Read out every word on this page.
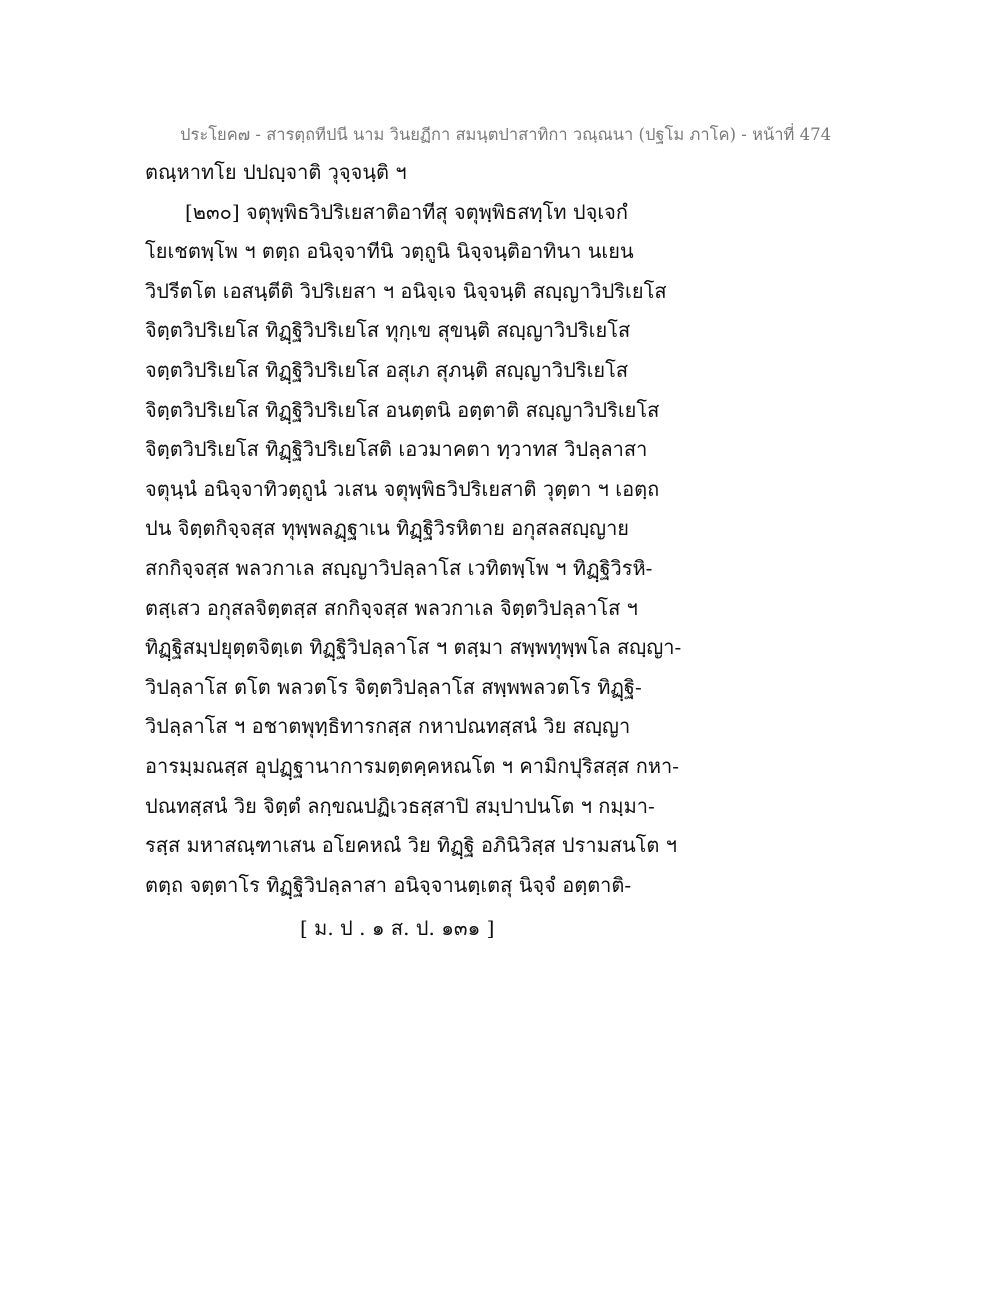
ประโยค๗ - สารตฺถทีปนี นาม วินยฏีกา สมนฺตปาสาทิกา วณฺณนา (ปฐโม ภาโค) - หน้าที่ 474
ตณฺหาทโย ปปญฺจาติ วุจฺจนฺติ ฯ
[๒๓๐] จตุพฺพิธวิปริเยสาติอาทีสุ จตุพฺพิธสทฺโท ปจฺเจกํ
โยเชตพฺโพ ฯ ตตฺถ อนิจฺจาทีนิ วตฺถูนิ นิจฺจนฺติอาทินา นเยน
วิปรีตโต เอสนฺตีติ วิปริเยสา ฯ อนิจฺเจ นิจฺจนฺติ สญฺญาวิปริเยโส
จิตฺตวิปริเยโส ทิฏฺฐิวิปริเยโส ทุกฺเข สุขนฺติ สญฺญาวิปริเยโส
จตฺตวิปริเยโส ทิฏฺฐิวิปริเยโส อสุเภ สุภนฺติ สญฺญาวิปริเยโส
จิตฺตวิปริเยโส ทิฏฺฐิวิปริเยโส อนตฺตนิ อตฺตาติ สญฺญาวิปริเยโส
จิตฺตวิปริเยโส ทิฏฺฐิวิปริเยโสติ เอวมาคตา ทฺวาทส วิปลฺลาสา
จตุนฺนํ อนิจฺจาทิวตฺถูนํ วเสน จตุพฺพิธวิปริเยสาติ วุตฺตา ฯ เอตฺถ
ปน จิตฺตกิจฺจสฺส ทุพฺพลฏฺฐาเน ทิฏฺฐิวิรหิตาย อกุสลสญฺญาย
สกกิจฺจสฺส พลวกาเล สญฺญาวิปลฺลาโส เวทิตพฺโพ ฯ ทิฏฺฐิวิรหิ-
ตสฺเสว อกุสลจิตฺตสฺส สกกิจฺจสฺส พลวกาเล จิตฺตวิปลฺลาโส ฯ
ทิฏฺฐิสมฺปยุตฺตจิตฺเต ทิฏฺฐิวิปลฺลาโส ฯ ตสฺมา สพฺพทุพฺพโล สญฺญา-
วิปลฺลาโส ตโต พลวตโร จิตฺตวิปลฺลาโส สพฺพพลวตโร ทิฏฺฐิ-
วิปลฺลาโส ฯ อชาตพุทฺธิทารกสฺส กหาปณทสฺสนํ วิย สญฺญา
อารมฺมณสฺส อุปฏฺฐานาการมตฺตคฺคหณโต ฯ คามิกปุริสสฺส กหา-
ปณทสฺสนํ วิย จิตฺตํ ลกฺขณปฏิเวธสฺสาปิ สมฺปาปนโต ฯ กมฺมา-
รสฺส มหาสณฺฑาเสน อโยคหณํ วิย ทิฏฺฐิ อภินิวิสฺส ปรามสนโต ฯ
ตตฺถ จตฺตาโร ทิฏฺฐิวิปลฺลาสา อนิจฺจานตฺเตสุ นิจฺจํ อตฺตาติ-
[ ม. ป . ๑ ส. ป. ๑๓๑ ]
